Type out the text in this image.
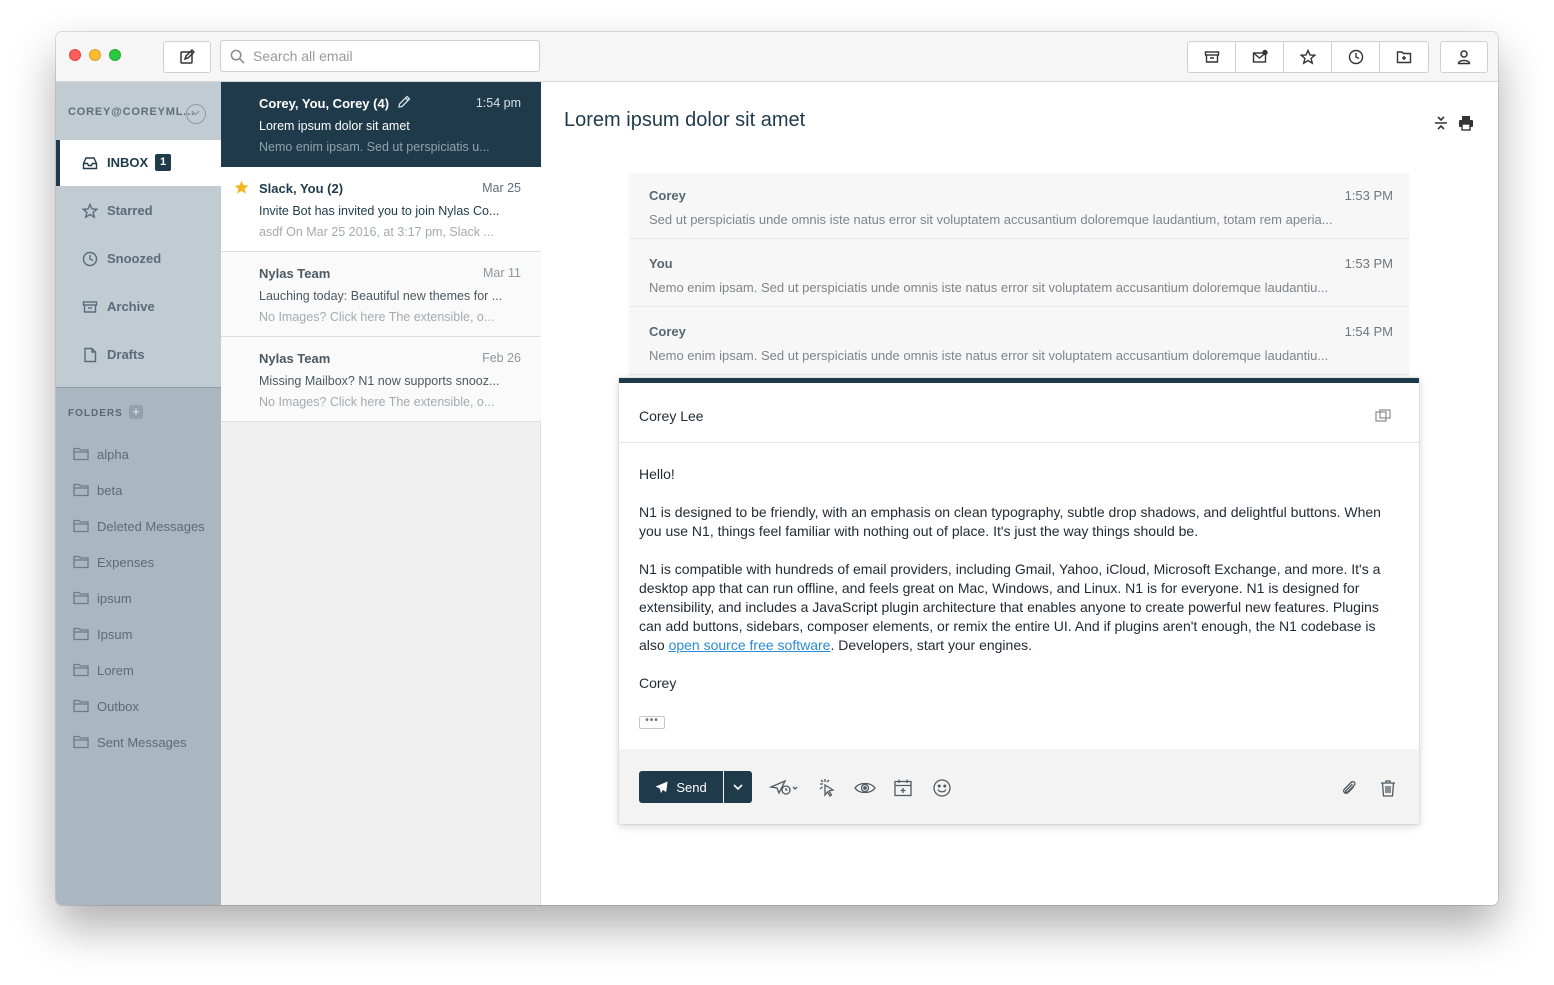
Search all email
COREY@COREYML...
INBOX	1
Starred
Snoozed
Archive
Drafts
FOLDERS +
alpha
beta
Deleted Messages
Expenses
ipsum
Ipsum
Lorem
Outbox
Sent Messages
Corey, You, Corey (4)	1:54 pm
Lorem ipsum dolor sit amet
Nemo enim ipsam. Sed ut perspiciatis u...
Slack, You (2)	Mar 25
Invite Bot has invited you to join Nylas Co...
asdf On Mar 25 2016, at 3:17 pm, Slack ...
Nylas Team	Mar 11
Lauching today: Beautiful new themes for ...
No Images? Click here The extensible, o...
Nylas Team	Feb 26
Missing Mailbox? N1 now supports snooz...
No Images? Click here The extensible, o...
Lorem ipsum dolor sit amet
Corey	1:53 PM
Sed ut perspiciatis unde omnis iste natus error sit voluptatem accusantium doloremque laudantium, totam rem aperia...
You	1:53 PM
Nemo enim ipsam. Sed ut perspiciatis unde omnis iste natus error sit voluptatem accusantium doloremque laudantiu...
Corey	1:54 PM
Nemo enim ipsam. Sed ut perspiciatis unde omnis iste natus error sit voluptatem accusantium doloremque laudantiu...
Corey Lee

Hello!

N1 is designed to be friendly, with an emphasis on clean typography, subtle drop shadows, and delightful buttons. When you use N1, things feel familiar with nothing out of place. It's just the way things should be.

N1 is compatible with hundreds of email providers, including Gmail, Yahoo, iCloud, Microsoft Exchange, and more. It's a desktop app that can run offline, and feels great on Mac, Windows, and Linux. N1 is for everyone. N1 is designed for extensibility, and includes a JavaScript plugin architecture that enables anyone to create powerful new features. Plugins can add buttons, sidebars, composer elements, or remix the entire UI. And if plugins aren't enough, the N1 codebase is also open source free software. Developers, start your engines.

Corey

•••
Send
